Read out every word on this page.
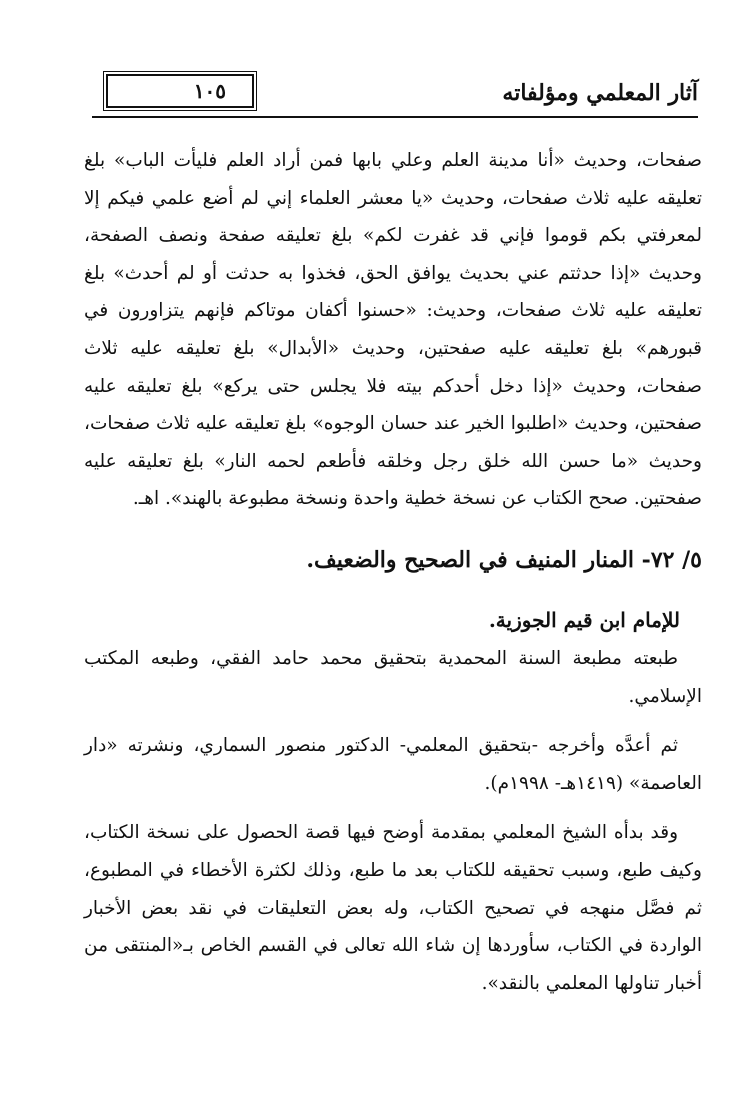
آثار المعلمي ومؤلفاته
١٠٥

صفحات، وحديث «أنا مدينة العلم وعلي بابها فمن أراد العلم فليأت الباب» بلغ تعليقه عليه ثلاث صفحات، وحديث «يا معشر العلماء إني لم أضع علمي فيكم إلا لمعرفتي بكم قوموا فإني قد غفرت لكم» بلغ تعليقه صفحة ونصف الصفحة، وحديث «إذا حدثتم عني بحديث يوافق الحق، فخذوا به حدثت أو لم أحدث» بلغ تعليقه عليه ثلاث صفحات، وحديث: «حسنوا أكفان موتاكم فإنهم يتزاورون في قبورهم» بلغ تعليقه عليه صفحتين، وحديث «الأبدال» بلغ تعليقه عليه ثلاث صفحات، وحديث «إذا دخل أحدكم بيته فلا يجلس حتى يركع» بلغ تعليقه عليه صفحتين، وحديث «اطلبوا الخير عند حسان الوجوه» بلغ تعليقه عليه ثلاث صفحات، وحديث «ما حسن الله خلق رجل وخلقه فأطعم لحمه النار» بلغ تعليقه عليه صفحتين. صحح الكتاب عن نسخة خطية واحدة ونسخة مطبوعة بالهند». اهـ.

٥/ ٧٢- المنار المنيف في الصحيح والضعيف.
للإمام ابن قيم الجوزية.

طبعته مطبعة السنة المحمدية بتحقيق محمد حامد الفقي، وطبعه المكتب الإسلامي.

ثم أعدَّه وأخرجه -بتحقيق المعلمي- الدكتور منصور السماري، ونشرته «دار العاصمة» (١٤١٩هـ- ١٩٩٨م).

وقد بدأه الشيخ المعلمي بمقدمة أوضح فيها قصة الحصول على نسخة الكتاب، وكيف طبع، وسبب تحقيقه للكتاب بعد ما طبع، وذلك لكثرة الأخطاء في المطبوع، ثم فصَّل منهجه في تصحيح الكتاب، وله بعض التعليقات في نقد بعض الأخبار الواردة في الكتاب، سأوردها إن شاء الله تعالى في القسم الخاص بـ«المنتقى من أخبار تناولها المعلمي بالنقد».
